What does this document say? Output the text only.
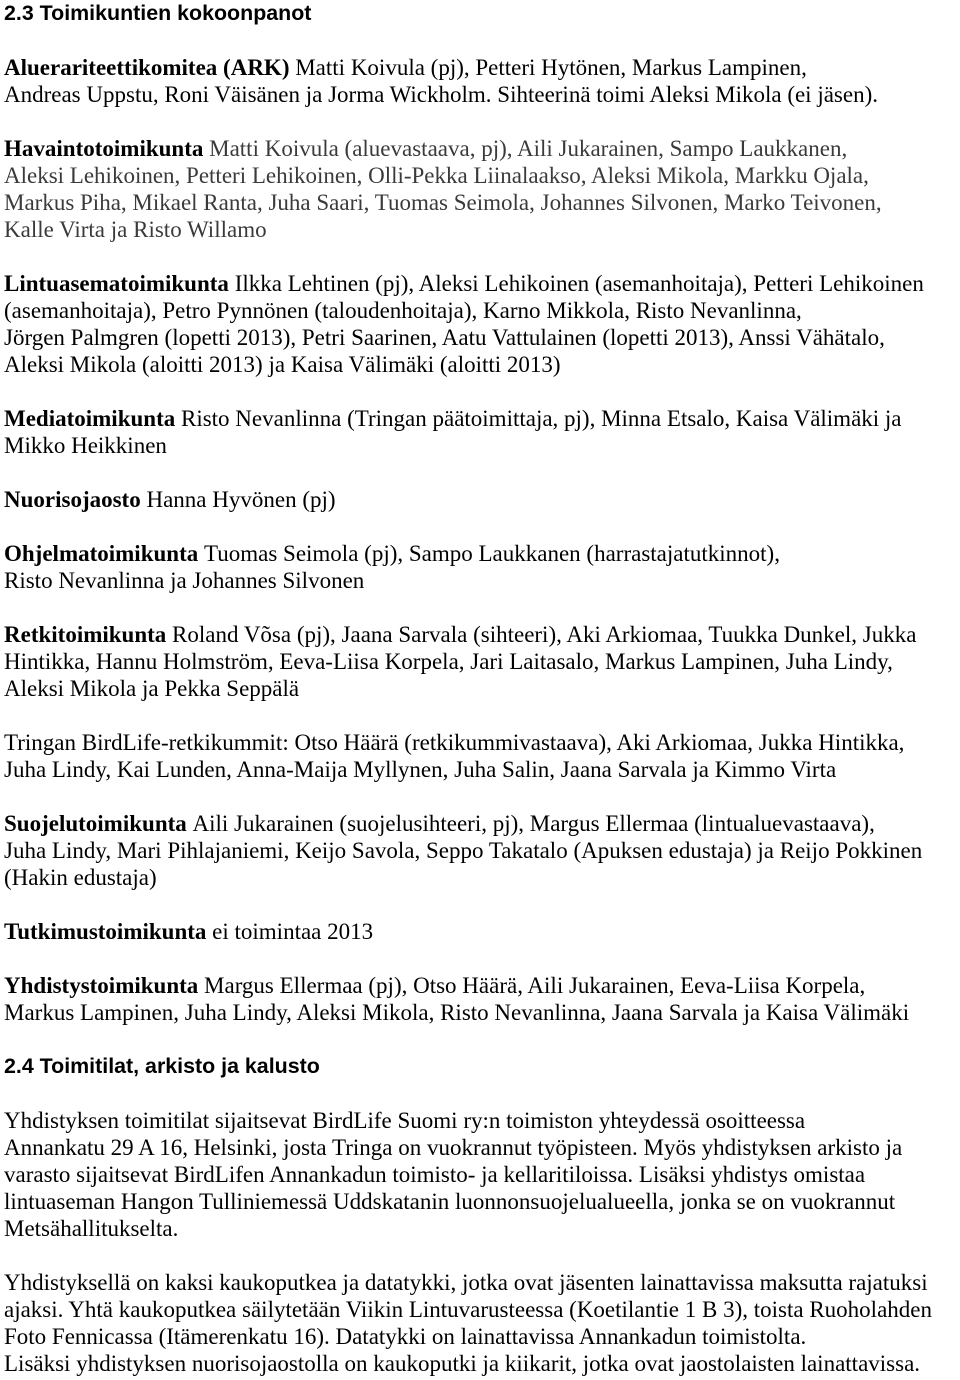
2.3 Toimikuntien kokoonpanot
Aluerariteettikomitea (ARK) Matti Koivula (pj), Petteri Hytönen, Markus Lampinen,
Andreas Uppstu, Roni Väisänen ja Jorma Wickholm. Sihteerinä toimi Aleksi Mikola (ei jäsen).
Havaintotoimikunta Matti Koivula (aluevastaava, pj), Aili Jukarainen, Sampo Laukkanen,
Aleksi Lehikoinen, Petteri Lehikoinen, Olli-Pekka Liinalaakso, Aleksi Mikola, Markku Ojala,
Markus Piha, Mikael Ranta, Juha Saari, Tuomas Seimola, Johannes Silvonen, Marko Teivonen,
Kalle Virta ja Risto Willamo
Lintuasematoimikunta Ilkka Lehtinen (pj), Aleksi Lehikoinen (asemanhoitaja), Petteri Lehikoinen
(asemanhoitaja), Petro Pynnönen (taloudenhoitaja), Karno Mikkola, Risto Nevanlinna,
Jörgen Palmgren (lopetti 2013), Petri Saarinen, Aatu Vattulainen (lopetti 2013), Anssi Vähätalo,
Aleksi Mikola (aloitti 2013) ja Kaisa Välimäki (aloitti 2013)
Mediatoimikunta Risto Nevanlinna (Tringan päätoimittaja, pj), Minna Etsalo, Kaisa Välimäki ja
Mikko Heikkinen
Nuorisojaosto Hanna Hyvönen (pj)
Ohjelmatoimikunta Tuomas Seimola (pj), Sampo Laukkanen (harrastajatutkinnot),
Risto Nevanlinna ja Johannes Silvonen
Retkitoimikunta Roland Võsa (pj), Jaana Sarvala (sihteeri), Aki Arkiomaa, Tuukka Dunkel, Jukka
Hintikka, Hannu Holmström, Eeva-Liisa Korpela, Jari Laitasalo, Markus Lampinen, Juha Lindy,
Aleksi Mikola ja Pekka Seppälä
Tringan BirdLife-retkikummit: Otso Häärä (retkikummivastaava), Aki Arkiomaa, Jukka Hintikka,
Juha Lindy, Kai Lunden, Anna-Maija Myllynen, Juha Salin, Jaana Sarvala ja Kimmo Virta
Suojelutoimikunta Aili Jukarainen (suojelusihteeri, pj), Margus Ellermaa (lintualuevastaava),
Juha Lindy, Mari Pihlajaniemi, Keijo Savola, Seppo Takatalo (Apuksen edustaja) ja Reijo Pokkinen
(Hakin edustaja)
Tutkimustoimikunta ei toimintaa 2013
Yhdistystoimikunta Margus Ellermaa (pj), Otso Häärä, Aili Jukarainen, Eeva-Liisa Korpela,
Markus Lampinen, Juha Lindy, Aleksi Mikola, Risto Nevanlinna, Jaana Sarvala ja Kaisa Välimäki
2.4 Toimitilat, arkisto ja kalusto
Yhdistyksen toimitilat sijaitsevat BirdLife Suomi ry:n toimiston yhteydessä osoitteessa
Annankatu 29 A 16, Helsinki, josta Tringa on vuokrannut työpisteen. Myös yhdistyksen arkisto ja
varasto sijaitsevat BirdLifen Annankadun toimisto- ja kellaritiloissa. Lisäksi yhdistys omistaa
lintuaseman Hangon Tulliniemessä Uddskatanin luonnonsuojelualueella, jonka se on vuokrannut
Metsähallitukselta.
Yhdistyksellä on kaksi kaukoputkea ja datatykki, jotka ovat jäsenten lainattavissa maksutta rajatuksi
ajaksi. Yhtä kaukoputkea säilytetään Viikin Lintuvarusteessa (Koetilantie 1 B 3), toista Ruoholahden
Foto Fennicassa (Itämerenkatu 16). Datatykki on lainattavissa Annankadun toimistolta.
Lisäksi yhdistyksen nuorisojaostolla on kaukoputki ja kiikarit, jotka ovat jaostolaisten lainattavissa.
